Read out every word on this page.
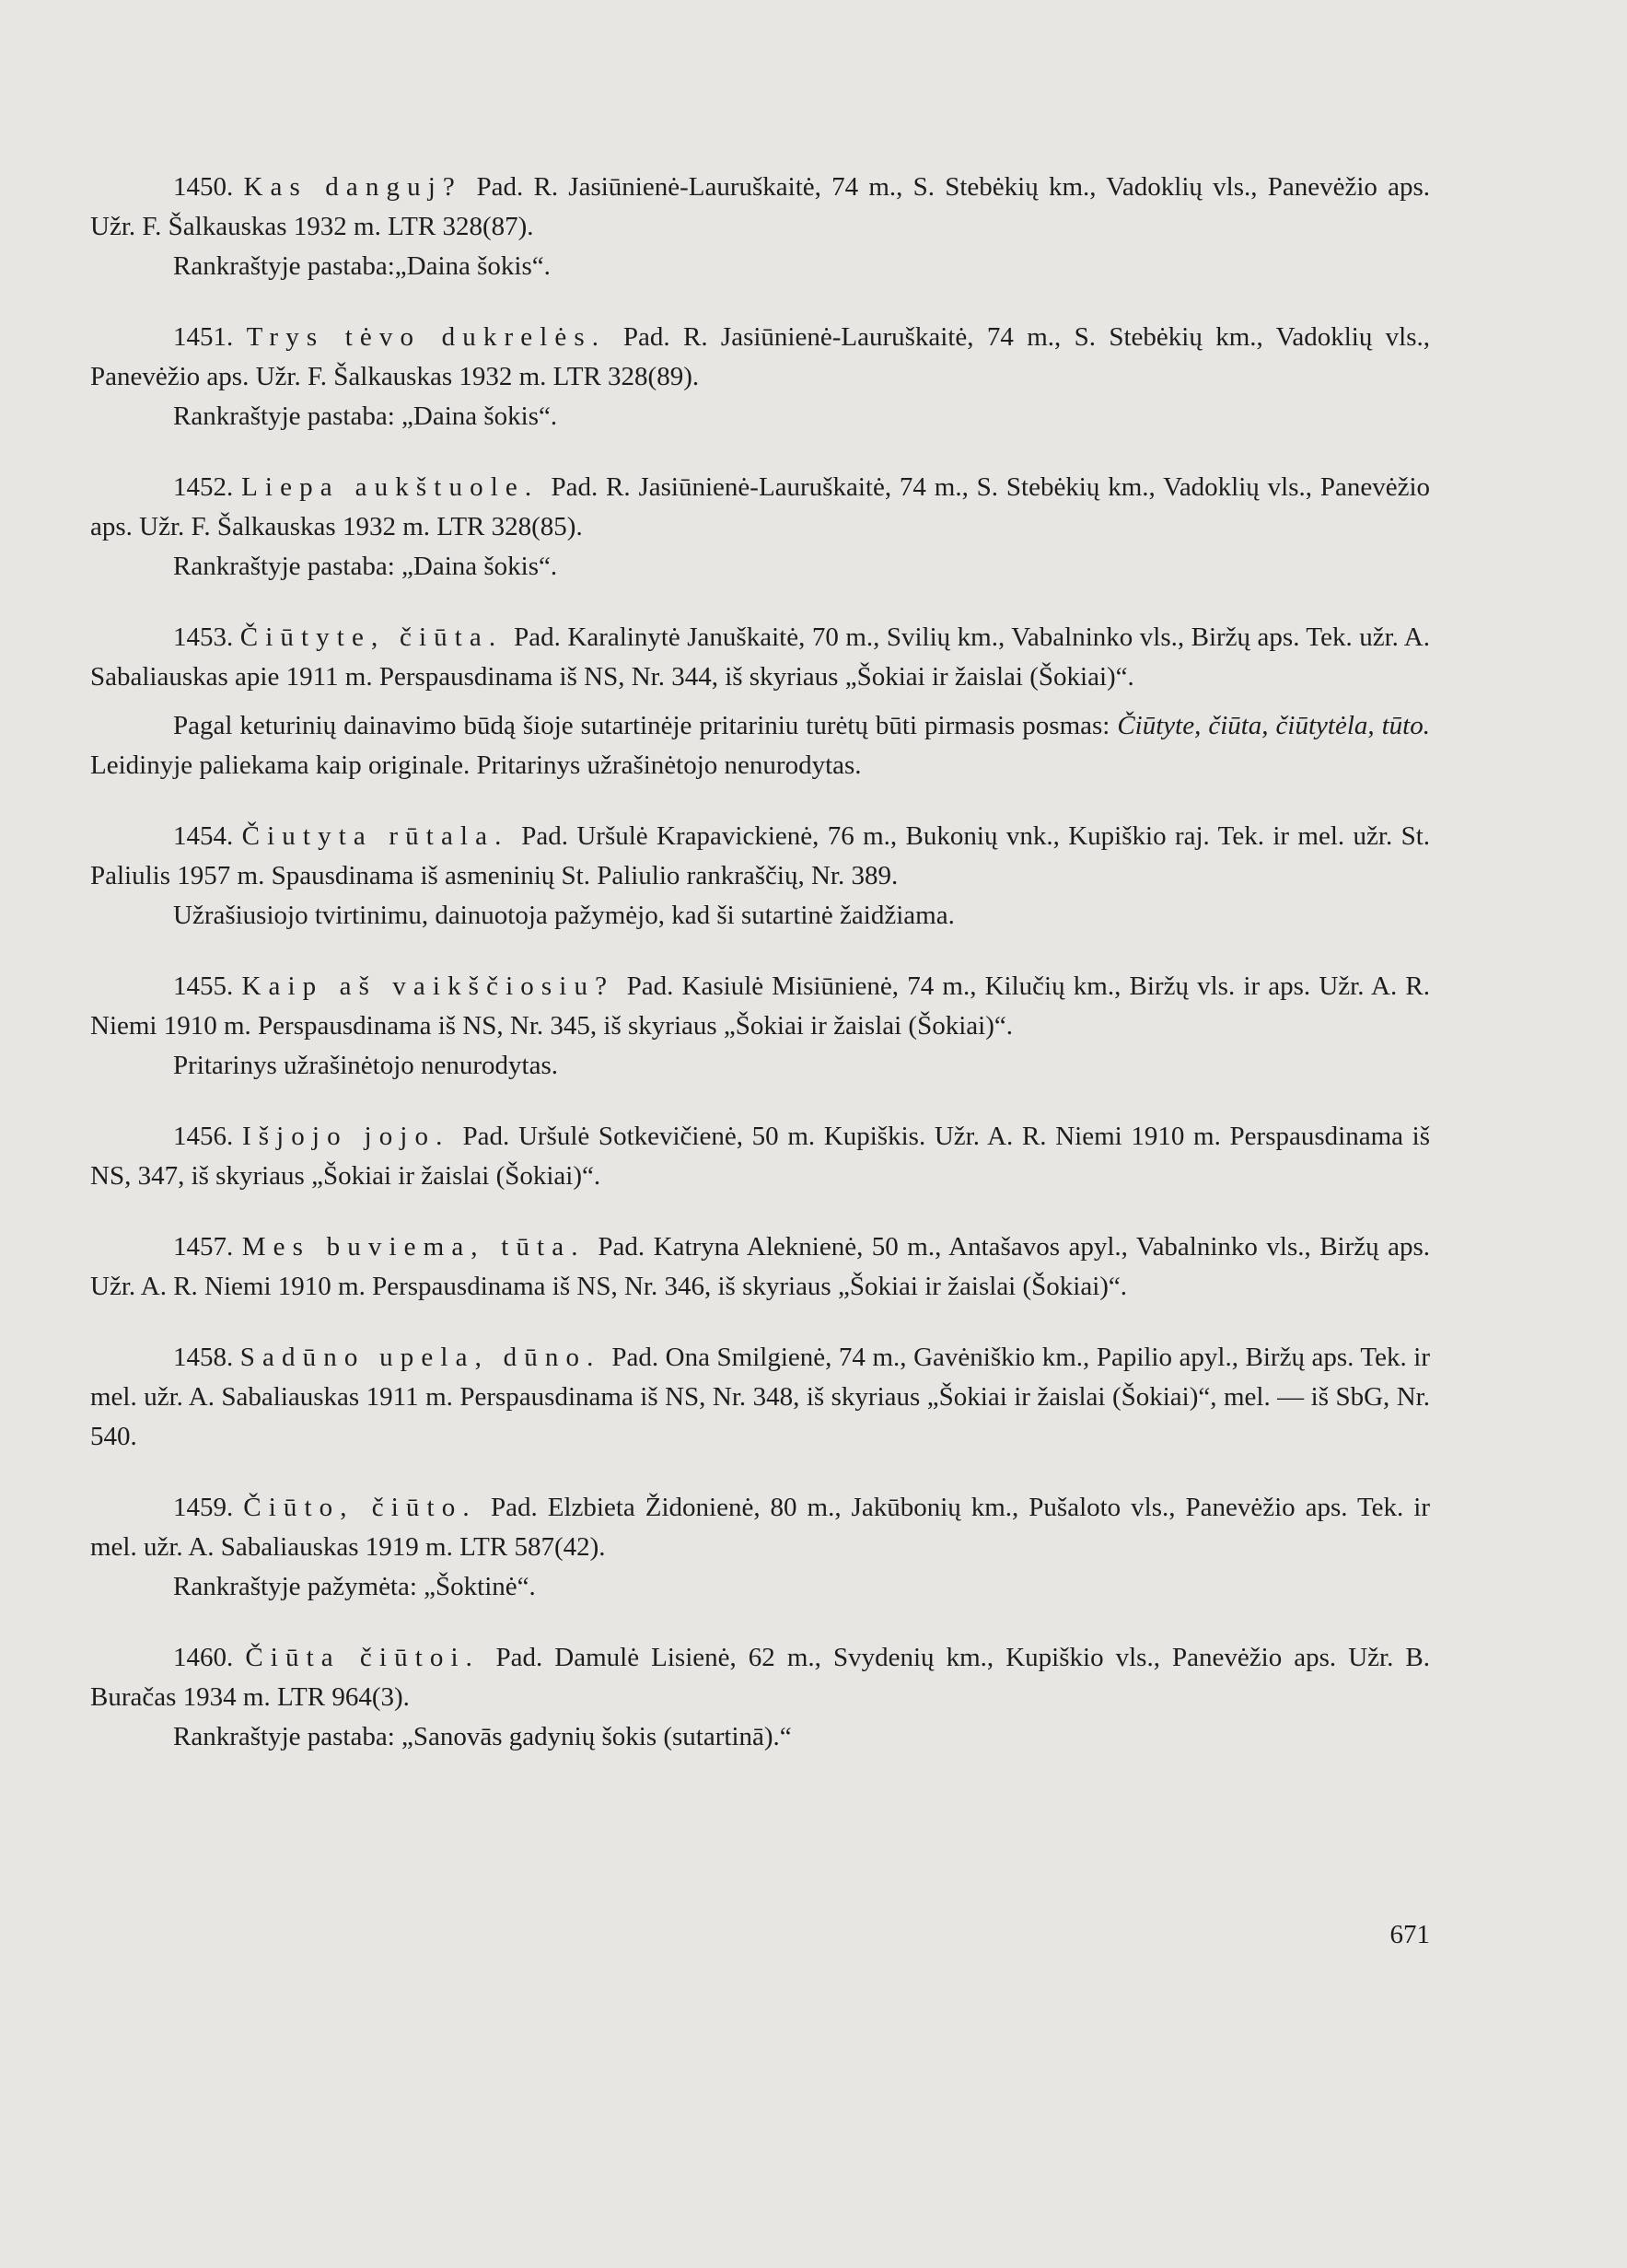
1450. Kas danguj? Pad. R. Jasiūnienė-Lauruškaitė, 74 m., S. Stebėkių km., Vadoklių vls., Panevėžio aps. Užr. F. Šalkauskas 1932 m. LTR 328(87).

Rankraštyje pastaba:„Daina šokis“.

1451. Trys tėvo dukrelės. Pad. R. Jasiūnienė-Lauruškaitė, 74 m., S. Stebėkių km., Vadoklių vls., Panevėžio aps. Užr. F. Šalkauskas 1932 m. LTR 328(89).

Rankraštyje pastaba: „Daina šokis“.

1452. Liepa aukštuole. Pad. R. Jasiūnienė-Lauruškaitė, 74 m., S. Stebėkių km., Vadoklių vls., Panevėžio aps. Užr. F. Šalkauskas 1932 m. LTR 328(85).

Rankraštyje pastaba: „Daina šokis“.

1453. Čiūtyte, čiūta. Pad. Karalinytė Januškaitė, 70 m., Svilių km., Vabalninko vls., Biržų aps. Tek. užr. A. Sabaliauskas apie 1911 m. Perspausdinama iš NS, Nr. 344, iš skyriaus „Šokiai ir žaislai (Šokiai)“.

Pagal keturinių dainavimo būdą šioje sutartinėje pritariniu turėtų būti pirmasis posmas: Čiūtyte, čiūta, čiūtytėla, tūto. Leidinyje paliekama kaip originale. Pritarinys užrašinėtojo nenurodytas.

1454. Čiutyta rūtala. Pad. Uršulė Krapavickienė, 76 m., Bukonių vnk., Kupiškio raj. Tek. ir mel. užr. St. Paliulis 1957 m. Spausdinama iš asmeninių St. Paliulio rankraščių, Nr. 389.

Užrašiusiojo tvirtinimu, dainuotoja pažymėjo, kad ši sutartinė žaidžiama.

1455. Kaip aš vaikščiosiu? Pad. Kasiulė Misiūnienė, 74 m., Kilučių km., Biržų vls. ir aps. Užr. A. R. Niemi 1910 m. Perspausdinama iš NS, Nr. 345, iš skyriaus „Šokiai ir žaislai (Šokiai)“.

Pritarinys užrašinėtojo nenurodytas.

1456. Išjojo jojo. Pad. Uršulė Sotkevičienė, 50 m. Kupiškis. Užr. A. R. Niemi 1910 m. Perspausdinama iš NS, 347, iš skyriaus „Šokiai ir žaislai (Šokiai)“.

1457. Mes buviema, tūta. Pad. Katryna Aleknienė, 50 m., Antašavos apyl., Vabalninko vls., Biržų aps. Užr. A. R. Niemi 1910 m. Perspausdinama iš NS, Nr. 346, iš skyriaus „Šokiai ir žaislai (Šokiai)“.

1458. Sadūno upela, dūno. Pad. Ona Smilgienė, 74 m., Gavėniškio km., Papilio apyl., Biržų aps. Tek. ir mel. užr. A. Sabaliauskas 1911 m. Perspausdinama iš NS, Nr. 348, iš skyriaus „Šokiai ir žaislai (Šokiai)“, mel. — iš SbG, Nr. 540.

1459. Čiūto, čiūto. Pad. Elzbieta Židonienė, 80 m., Jakūbonių km., Pušaloto vls., Panevėžio aps. Tek. ir mel. užr. A. Sabaliauskas 1919 m. LTR 587(42).

Rankraštyje pažymėta: „Šoktinė“.

1460. Čiūta čiūtoi. Pad. Damulė Lisienė, 62 m., Svydenių km., Kupiškio vls., Panevėžio aps. Užr. B. Buračas 1934 m. LTR 964(3).

Rankraštyje pastaba: „Sanovās gadynių šokis (sutartinā).“

671
